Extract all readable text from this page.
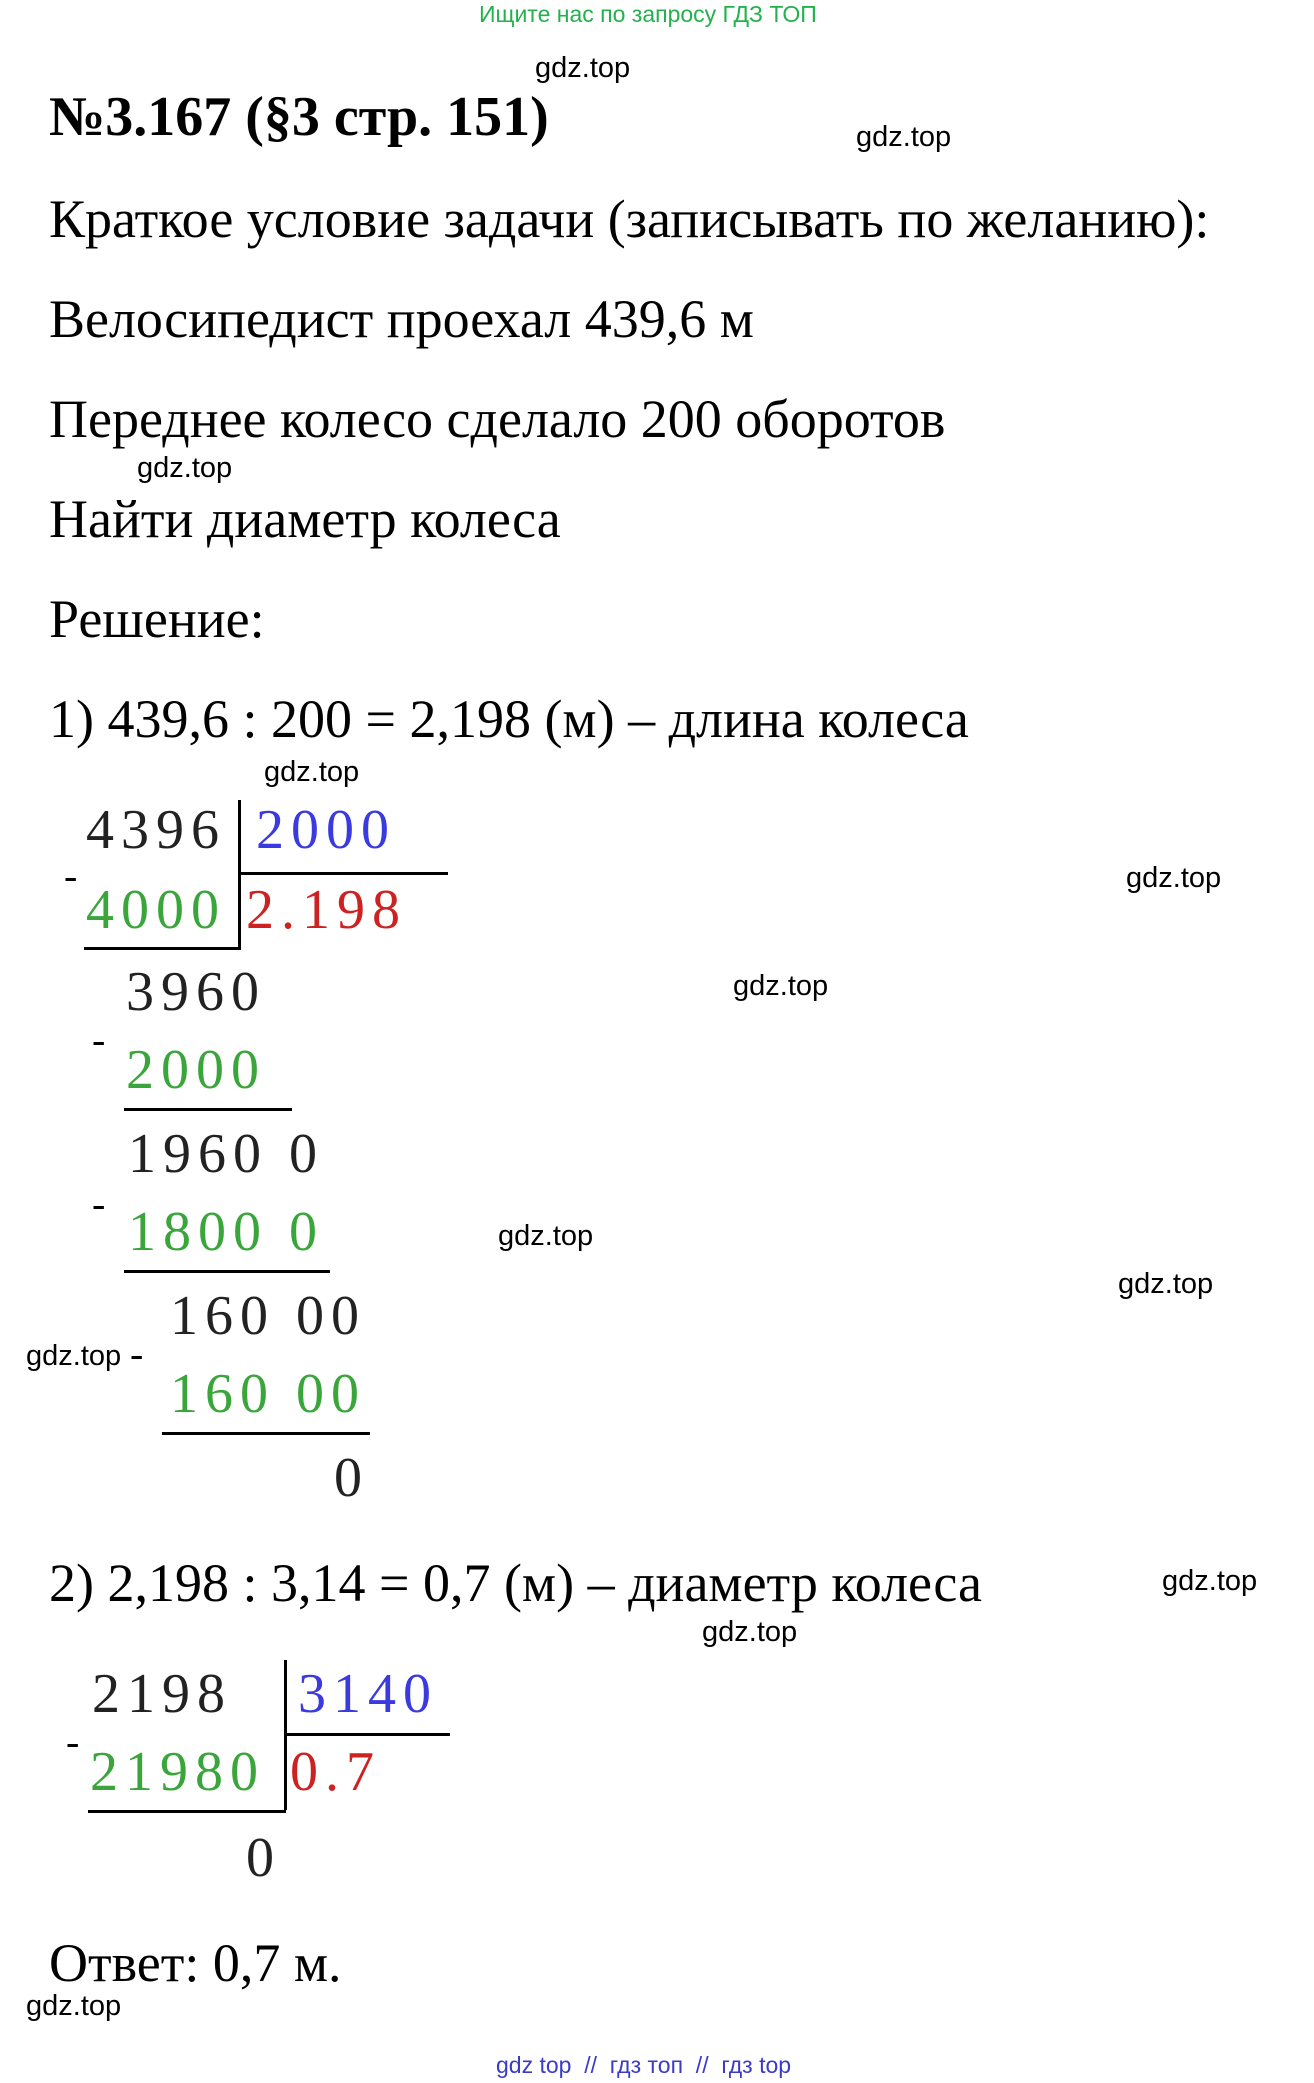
Ищите нас по запросу ГДЗ ТОП
№3.167 (§3 стр. 151)
Краткое условие задачи (записывать по желанию):
Велосипедист проехал 439,6 м
Переднее колесо сделало 200 оборотов
Найти диаметр колеса
Решение:
1) 439,6 : 200 = 2,198 (м) – длина колеса
4396 2000
-
4000 2.198
3960
- 2000
1960 0
- 1800 0
160 00
-
160 00
0
2) 2,198 : 3,14 = 0,7 (м) – диаметр колеса
2198 3140
- 21980 0.7
0
Ответ: 0,7 м.
gdz.top
gdz.top
gdz.top
gdz.top
gdz.top
gdz.top
gdz.top
gdz.top
gdz.top
gdz.top
gdz.top
gdz.top
gdz top  //  гдз топ  //  гдз top
